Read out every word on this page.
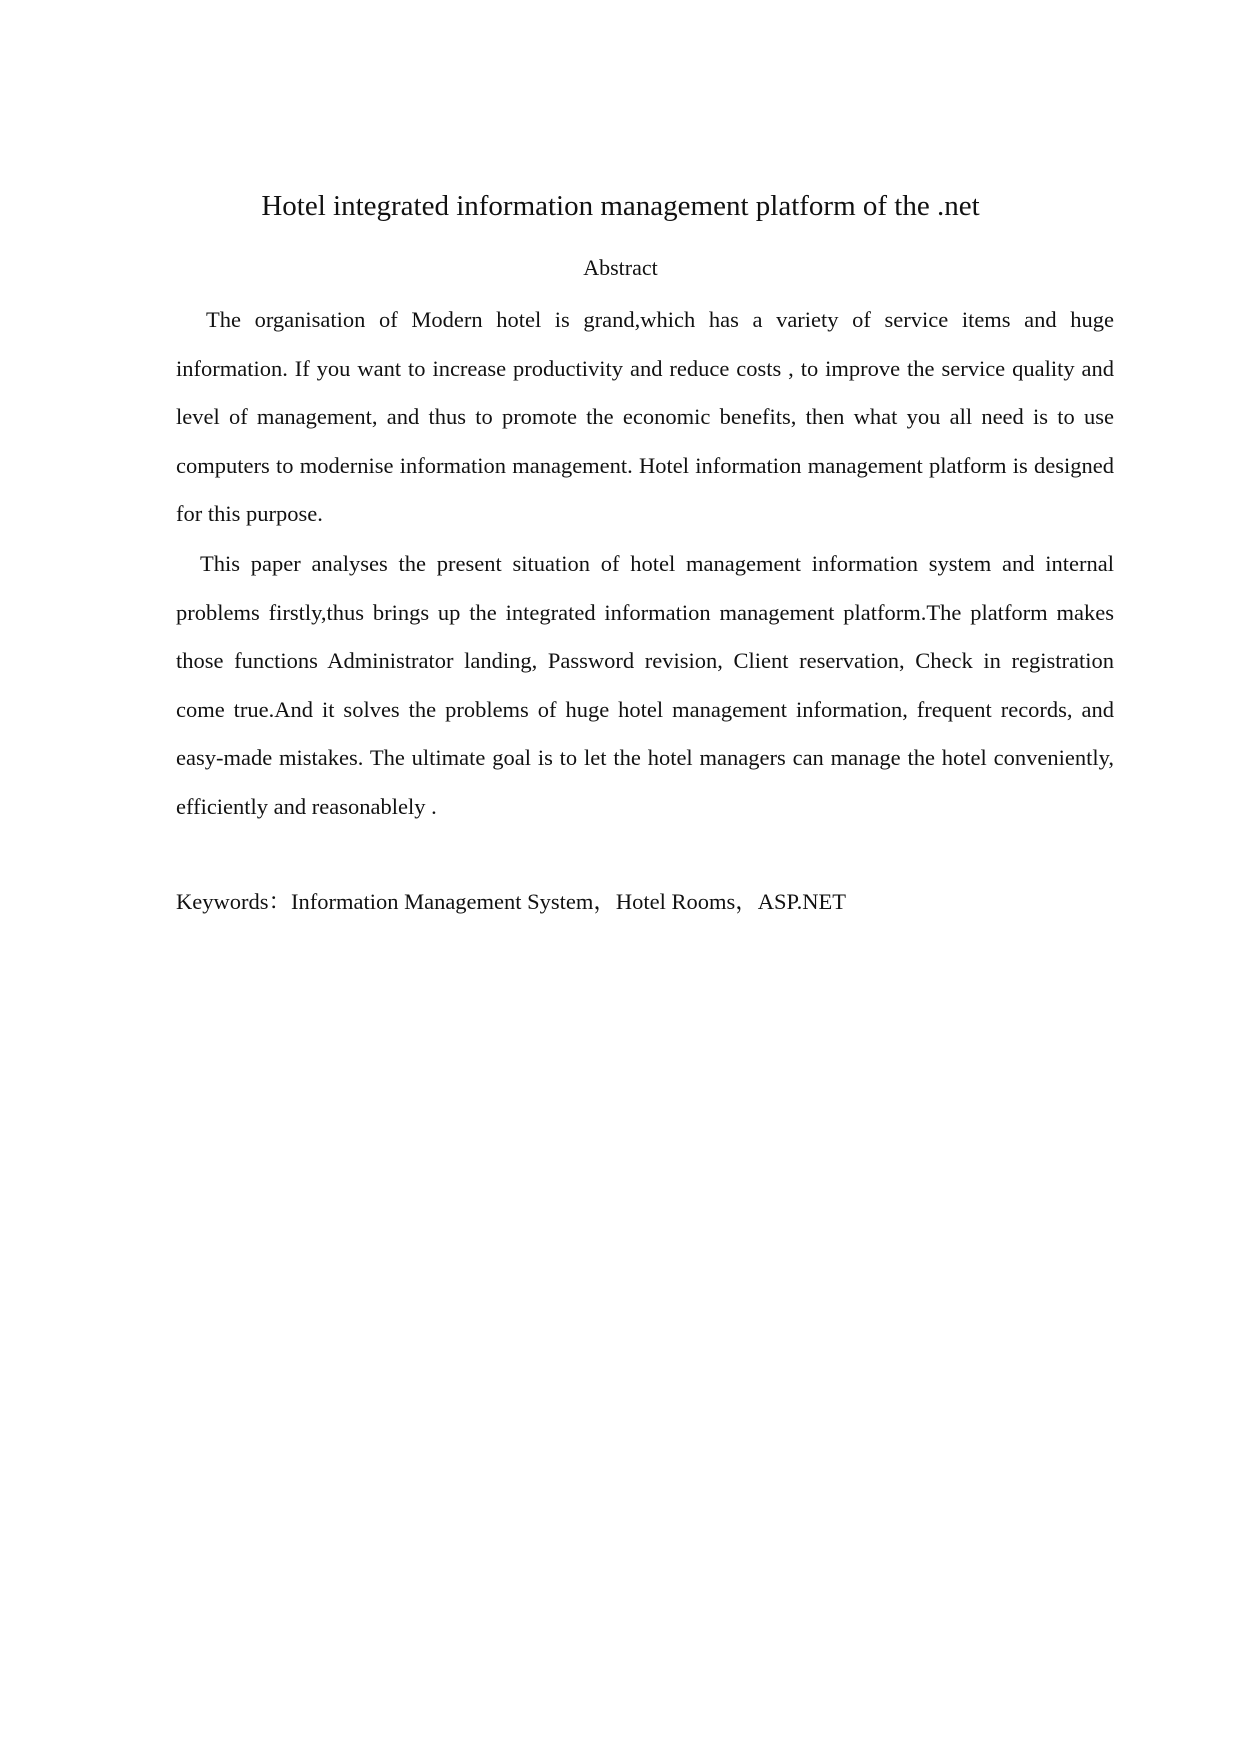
Hotel integrated information management platform of the .net
Abstract

The organisation of Modern hotel is grand,which has a variety of service items and huge information. If you want to increase productivity and reduce costs , to improve the service quality and level of management, and thus to promote the economic benefits, then what you all need is to use computers to modernise information management. Hotel information management platform is designed for this purpose.

This paper analyses the present situation of hotel management information system and internal problems firstly,thus brings up the integrated information management platform.The platform makes those functions Administrator landing, Password revision, Client reservation, Check in registration come true.And it solves the problems of huge hotel management information, frequent records, and easy-made mistakes. The ultimate goal is to let the hotel managers can manage the hotel conveniently, efficiently and reasonablely .

Keywords：Information Management System，Hotel Rooms，ASP.NET
